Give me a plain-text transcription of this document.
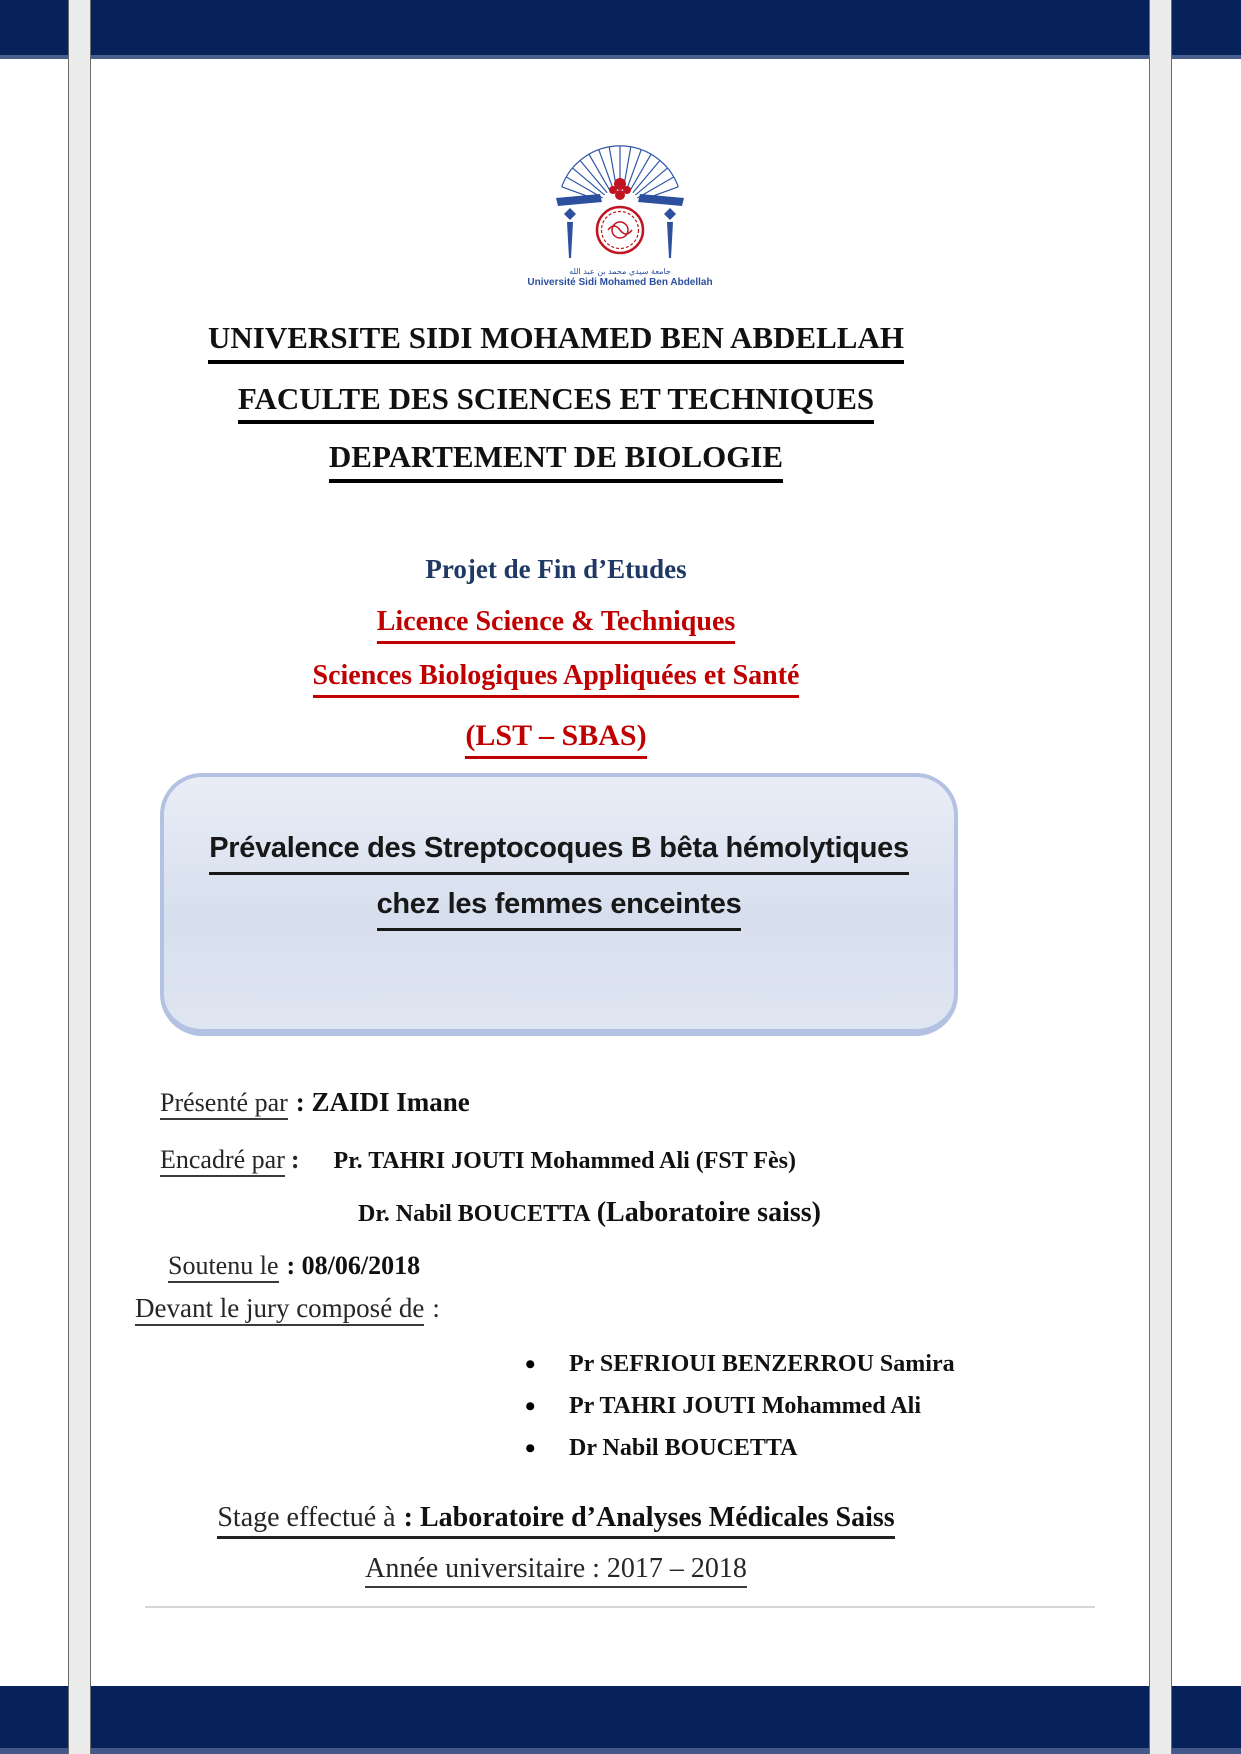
جامعة سيدي محمد بن عبد الله
Université Sidi Mohamed Ben Abdellah
UNIVERSITE SIDI MOHAMED BEN ABDELLAH
FACULTE DES SCIENCES ET TECHNIQUES
DEPARTEMENT DE BIOLOGIE
Projet de Fin d’Etudes
Licence Science & Techniques
Sciences Biologiques Appliquées et Santé
(LST – SBAS)
Prévalence des Streptocoques B bêta hémolytiques
chez les femmes enceintes
Présenté par : ZAIDI Imane
Encadré par : Pr. TAHRI JOUTI Mohammed Ali (FST Fès)
Dr. Nabil BOUCETTA (Laboratoire saiss)
Soutenu le : 08/06/2018
Devant le jury composé de :
• Pr SEFRIOUI BENZERROU Samira
• Pr TAHRI JOUTI Mohammed Ali
• Dr Nabil BOUCETTA
Stage effectué à : Laboratoire d’Analyses Médicales Saiss
Année universitaire : 2017 – 2018
